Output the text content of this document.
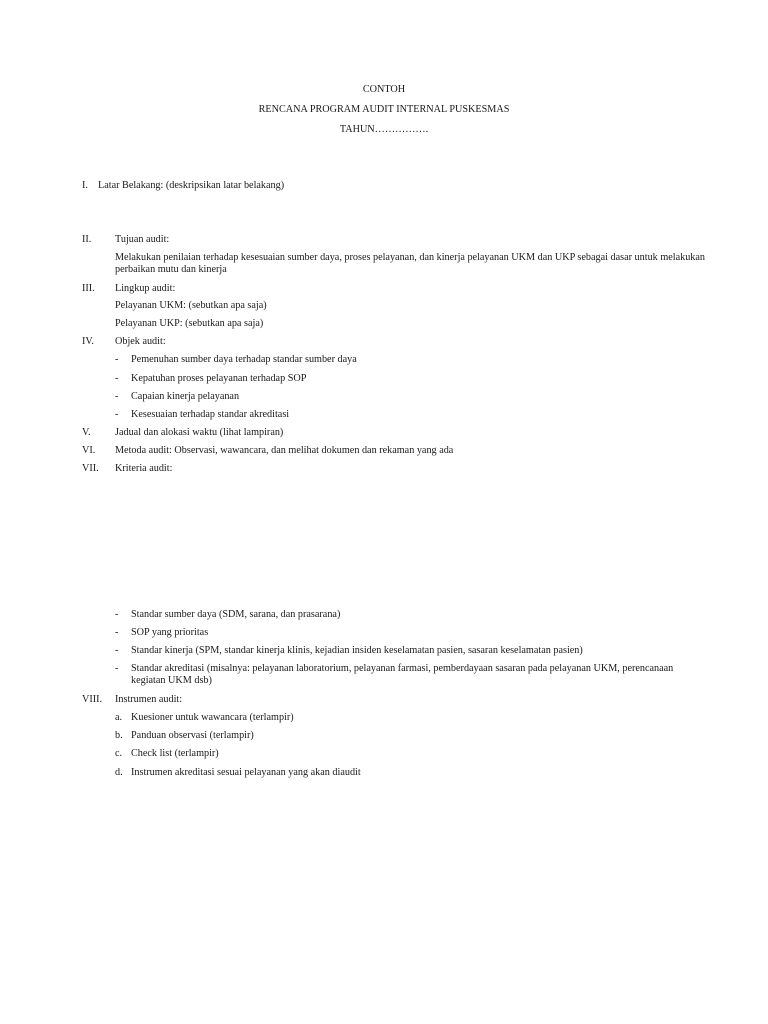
CONTOH
RENCANA PROGRAM AUDIT INTERNAL PUSKESMAS
TAHUN…………….
I. Latar Belakang: (deskripsikan latar belakang)
II. Tujuan audit:
Melakukan penilaian terhadap kesesuaian sumber daya, proses pelayanan, dan kinerja pelayanan UKM dan UKP sebagai dasar untuk melakukan perbaikan mutu dan kinerja
III. Lingkup audit:
Pelayanan UKM: (sebutkan apa saja)
Pelayanan UKP: (sebutkan apa saja)
IV. Objek audit:
- Pemenuhan sumber daya terhadap standar sumber daya
- Kepatuhan proses pelayanan terhadap SOP
- Capaian kinerja pelayanan
- Kesesuaian terhadap standar akreditasi
V. Jadual dan alokasi waktu (lihat lampiran)
VI. Metoda audit: Observasi, wawancara, dan melihat dokumen dan rekaman yang ada
VII. Kriteria audit:
- Standar sumber daya (SDM, sarana, dan prasarana)
- SOP yang prioritas
- Standar kinerja (SPM, standar kinerja klinis, kejadian insiden keselamatan pasien, sasaran keselamatan pasien)
- Standar akreditasi (misalnya: pelayanan laboratorium, pelayanan farmasi, pemberdayaan sasaran pada pelayanan UKM, perencanaan kegiatan UKM dsb)
VIII. Instrumen audit:
a. Kuesioner untuk wawancara (terlampir)
b. Panduan observasi (terlampir)
c. Check list (terlampir)
d. Instrumen akreditasi sesuai pelayanan yang akan diaudit
